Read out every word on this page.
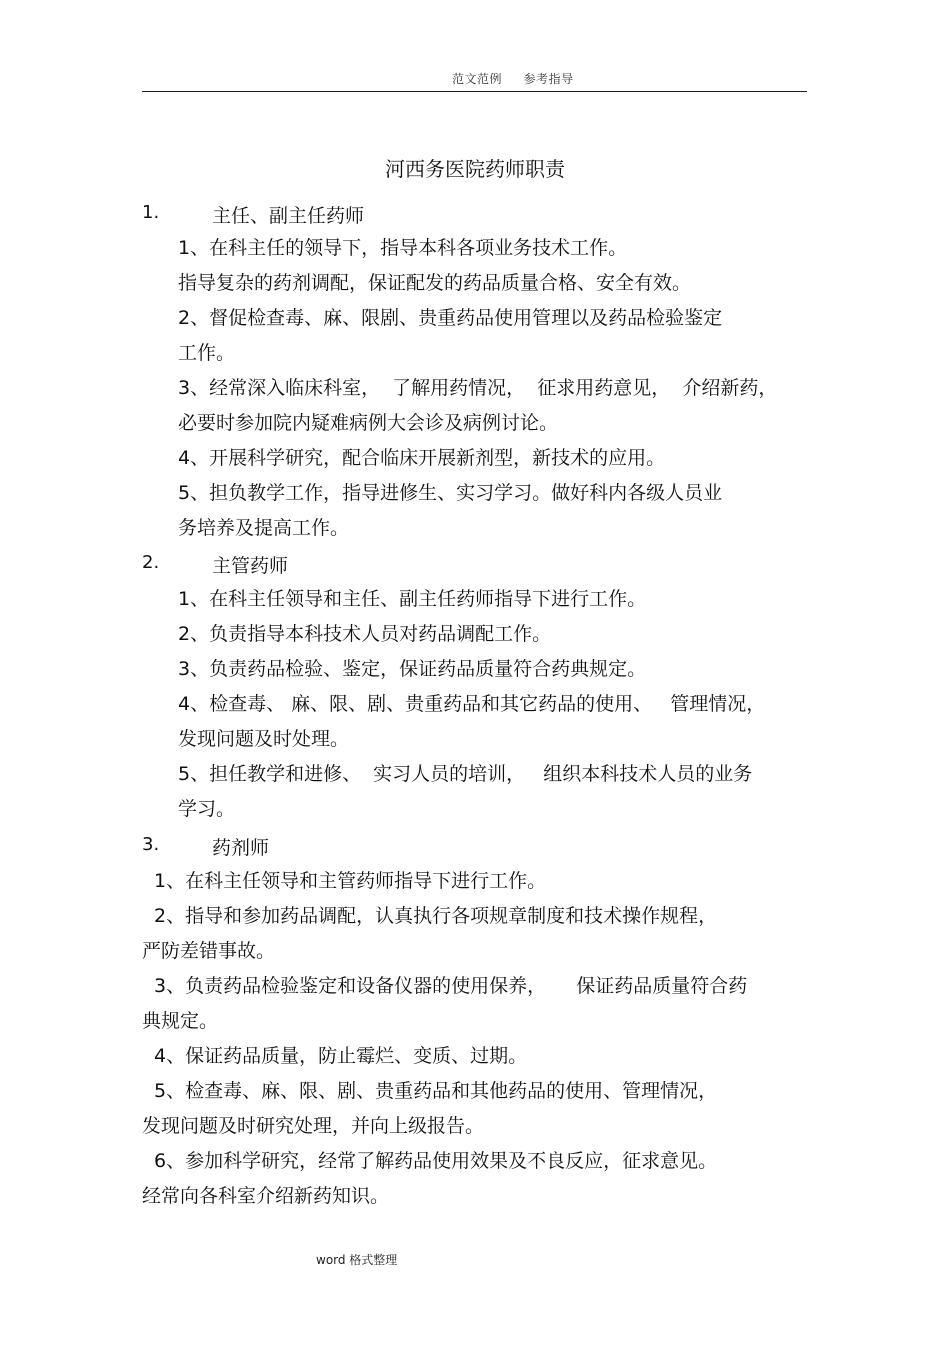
范文范例     参考指导
河西务医院药师职责
1.	主任、副主任药师
1、在科主任的领导下，指导本科各项业务技术工作。
指导复杂的药剂调配，保证配发的药品质量合格、安全有效。
2、督促检查毒、麻、限剧、贵重药品使用管理以及药品检验鉴定
工作。
3、经常深入临床科室，  了解用药情况，  征求用药意见，  介绍新药，
必要时参加院内疑难病例大会诊及病例讨论。
4、开展科学研究，配合临床开展新剂型，新技术的应用。
5、担负教学工作，指导进修生、实习学习。做好科内各级人员业
务培养及提高工作。
2.	主管药师
1、在科主任领导和主任、副主任药师指导下进行工作。
2、负责指导本科技术人员对药品调配工作。
3、负责药品检验、鉴定，保证药品质量符合药典规定。
4、检查毒、 麻、限、剧、贵重药品和其它药品的使用、   管理情况，
发现问题及时处理。
5、担任教学和进修、  实习人员的培训，   组织本科技术人员的业务
学习。
3.	药剂师
1、在科主任领导和主管药师指导下进行工作。
2、指导和参加药品调配，认真执行各项规章制度和技术操作规程，
严防差错事故。
3、负责药品检验鉴定和设备仪器的使用保养，     保证药品质量符合药
典规定。
4、保证药品质量，防止霉烂、变质、过期。
5、检查毒、麻、限、剧、贵重药品和其他药品的使用、管理情况，
发现问题及时研究处理，并向上级报告。
6、参加科学研究，经常了解药品使用效果及不良反应，征求意见。
经常向各科室介绍新药知识。
word 格式整理
